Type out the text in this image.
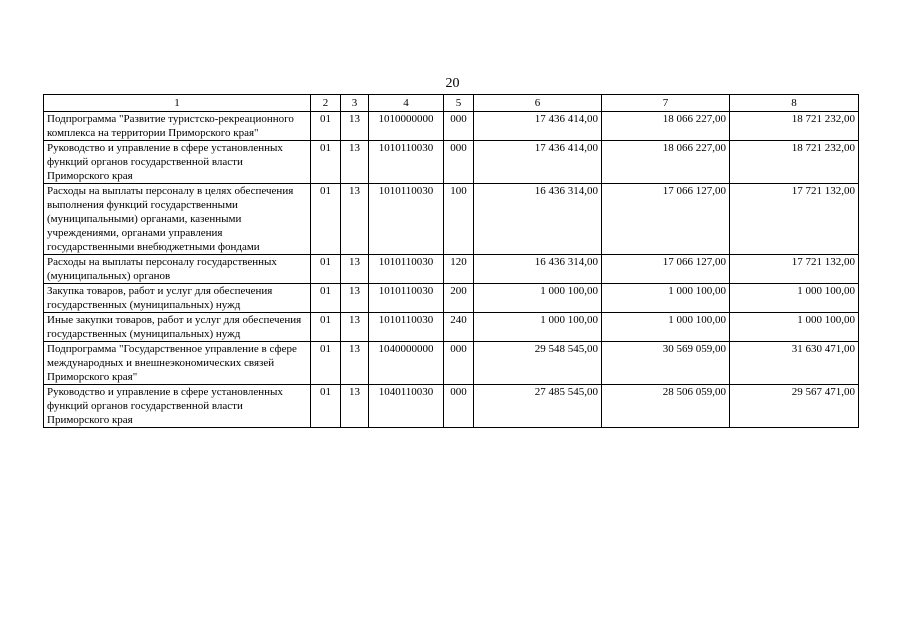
20
1	2	3	4	5	6	7	8
Подпрограмма "Развитие туристско-рекреационного комплекса на территории Приморского края"	01	13	1010000000	000	17 436 414,00	18 066 227,00	18 721 232,00
Руководство и управление в сфере установленных функций органов государственной власти Приморского края	01	13	1010110030	000	17 436 414,00	18 066 227,00	18 721 232,00
Расходы на выплаты персоналу в целях обеспечения выполнения функций государственными (муниципальными) органами, казенными учреждениями, органами управления государственными внебюджетными фондами	01	13	1010110030	100	16 436 314,00	17 066 127,00	17 721 132,00
Расходы на выплаты персоналу государственных (муниципальных) органов	01	13	1010110030	120	16 436 314,00	17 066 127,00	17 721 132,00
Закупка товаров, работ и услуг для обеспечения государственных (муниципальных) нужд	01	13	1010110030	200	1 000 100,00	1 000 100,00	1 000 100,00
Иные закупки товаров, работ и услуг для обеспечения государственных (муниципальных) нужд	01	13	1010110030	240	1 000 100,00	1 000 100,00	1 000 100,00
Подпрограмма "Государственное управление в сфере международных и внешнеэкономических связей Приморского края"	01	13	1040000000	000	29 548 545,00	30 569 059,00	31 630 471,00
Руководство и управление в сфере установленных функций органов государственной власти Приморского края	01	13	1040110030	000	27 485 545,00	28 506 059,00	29 567 471,00
